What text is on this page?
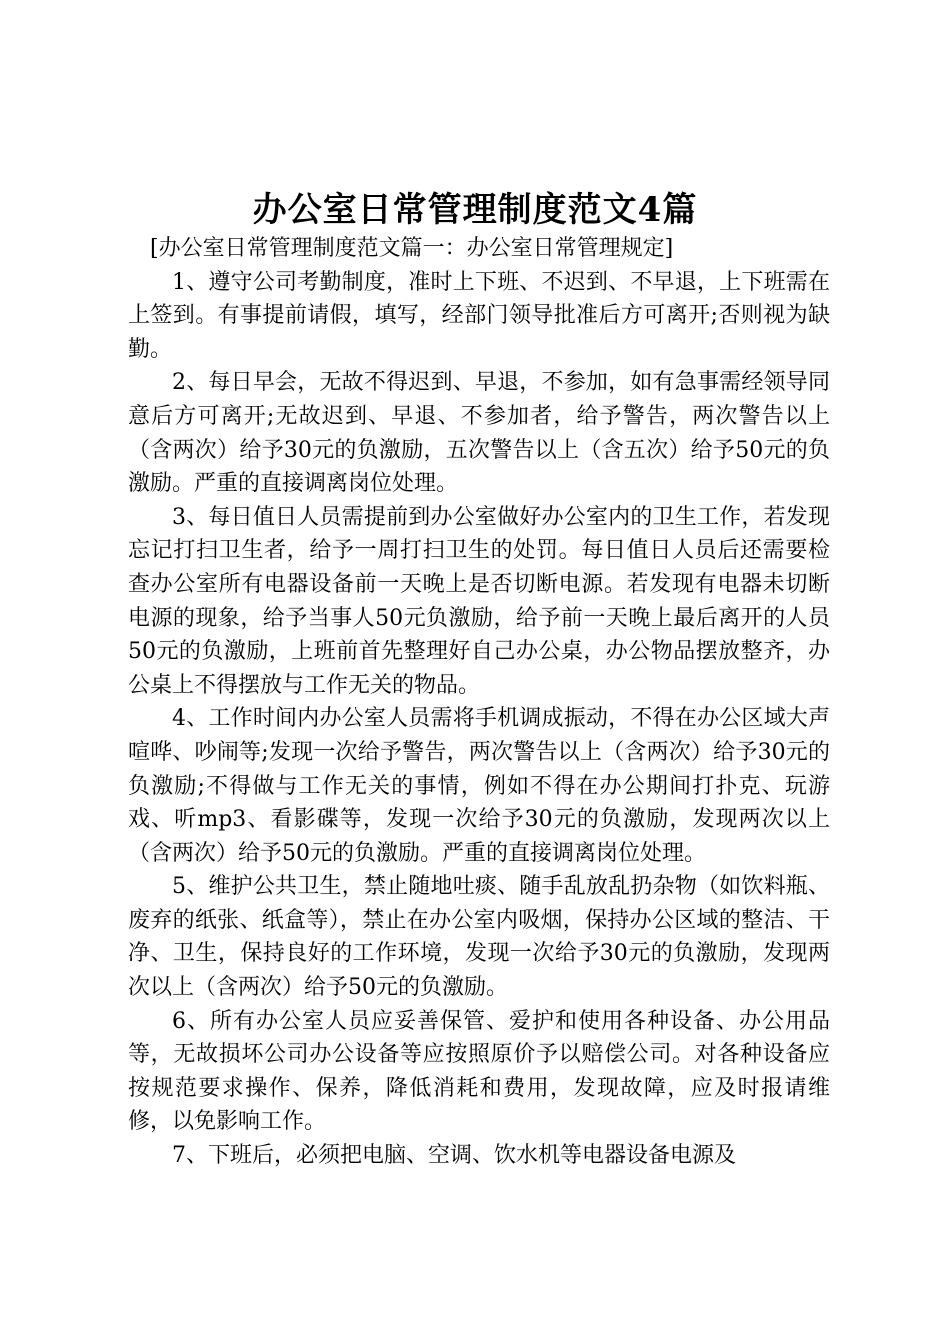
办公室日常管理制度范文4篇

[办公室日常管理制度范文篇一：办公室日常管理规定]

1、遵守公司考勤制度，准时上下班、不迟到、不早退，上下班需在上签到。有事提前请假，填写，经部门领导批准后方可离开;否则视为缺勤。

2、每日早会，无故不得迟到、早退，不参加，如有急事需经领导同意后方可离开;无故迟到、早退、不参加者，给予警告，两次警告以上（含两次）给予30元的负激励，五次警告以上（含五次）给予50元的负激励。严重的直接调离岗位处理。

3、每日值日人员需提前到办公室做好办公室内的卫生工作，若发现忘记打扫卫生者，给予一周打扫卫生的处罚。每日值日人员后还需要检查办公室所有电器设备前一天晚上是否切断电源。若发现有电器未切断电源的现象，给予当事人50元负激励，给予前一天晚上最后离开的人员50元的负激励，上班前首先整理好自己办公桌，办公物品摆放整齐，办公桌上不得摆放与工作无关的物品。

4、工作时间内办公室人员需将手机调成振动，不得在办公区域大声喧哗、吵闹等;发现一次给予警告，两次警告以上（含两次）给予30元的负激励;不得做与工作无关的事情，例如不得在办公期间打扑克、玩游戏、听mp3、看影碟等，发现一次给予30元的负激励，发现两次以上（含两次）给予50元的负激励。严重的直接调离岗位处理。

5、维护公共卫生，禁止随地吐痰、随手乱放乱扔杂物（如饮料瓶、废弃的纸张、纸盒等），禁止在办公室内吸烟，保持办公区域的整洁、干净、卫生，保持良好的工作环境，发现一次给予30元的负激励，发现两次以上（含两次）给予50元的负激励。

6、所有办公室人员应妥善保管、爱护和使用各种设备、办公用品等，无故损坏公司办公设备等应按照原价予以赔偿公司。对各种设备应按规范要求操作、保养，降低消耗和费用，发现故障，应及时报请维修，以免影响工作。

7、下班后，必须把电脑、空调、饮水机等电器设备电源及
